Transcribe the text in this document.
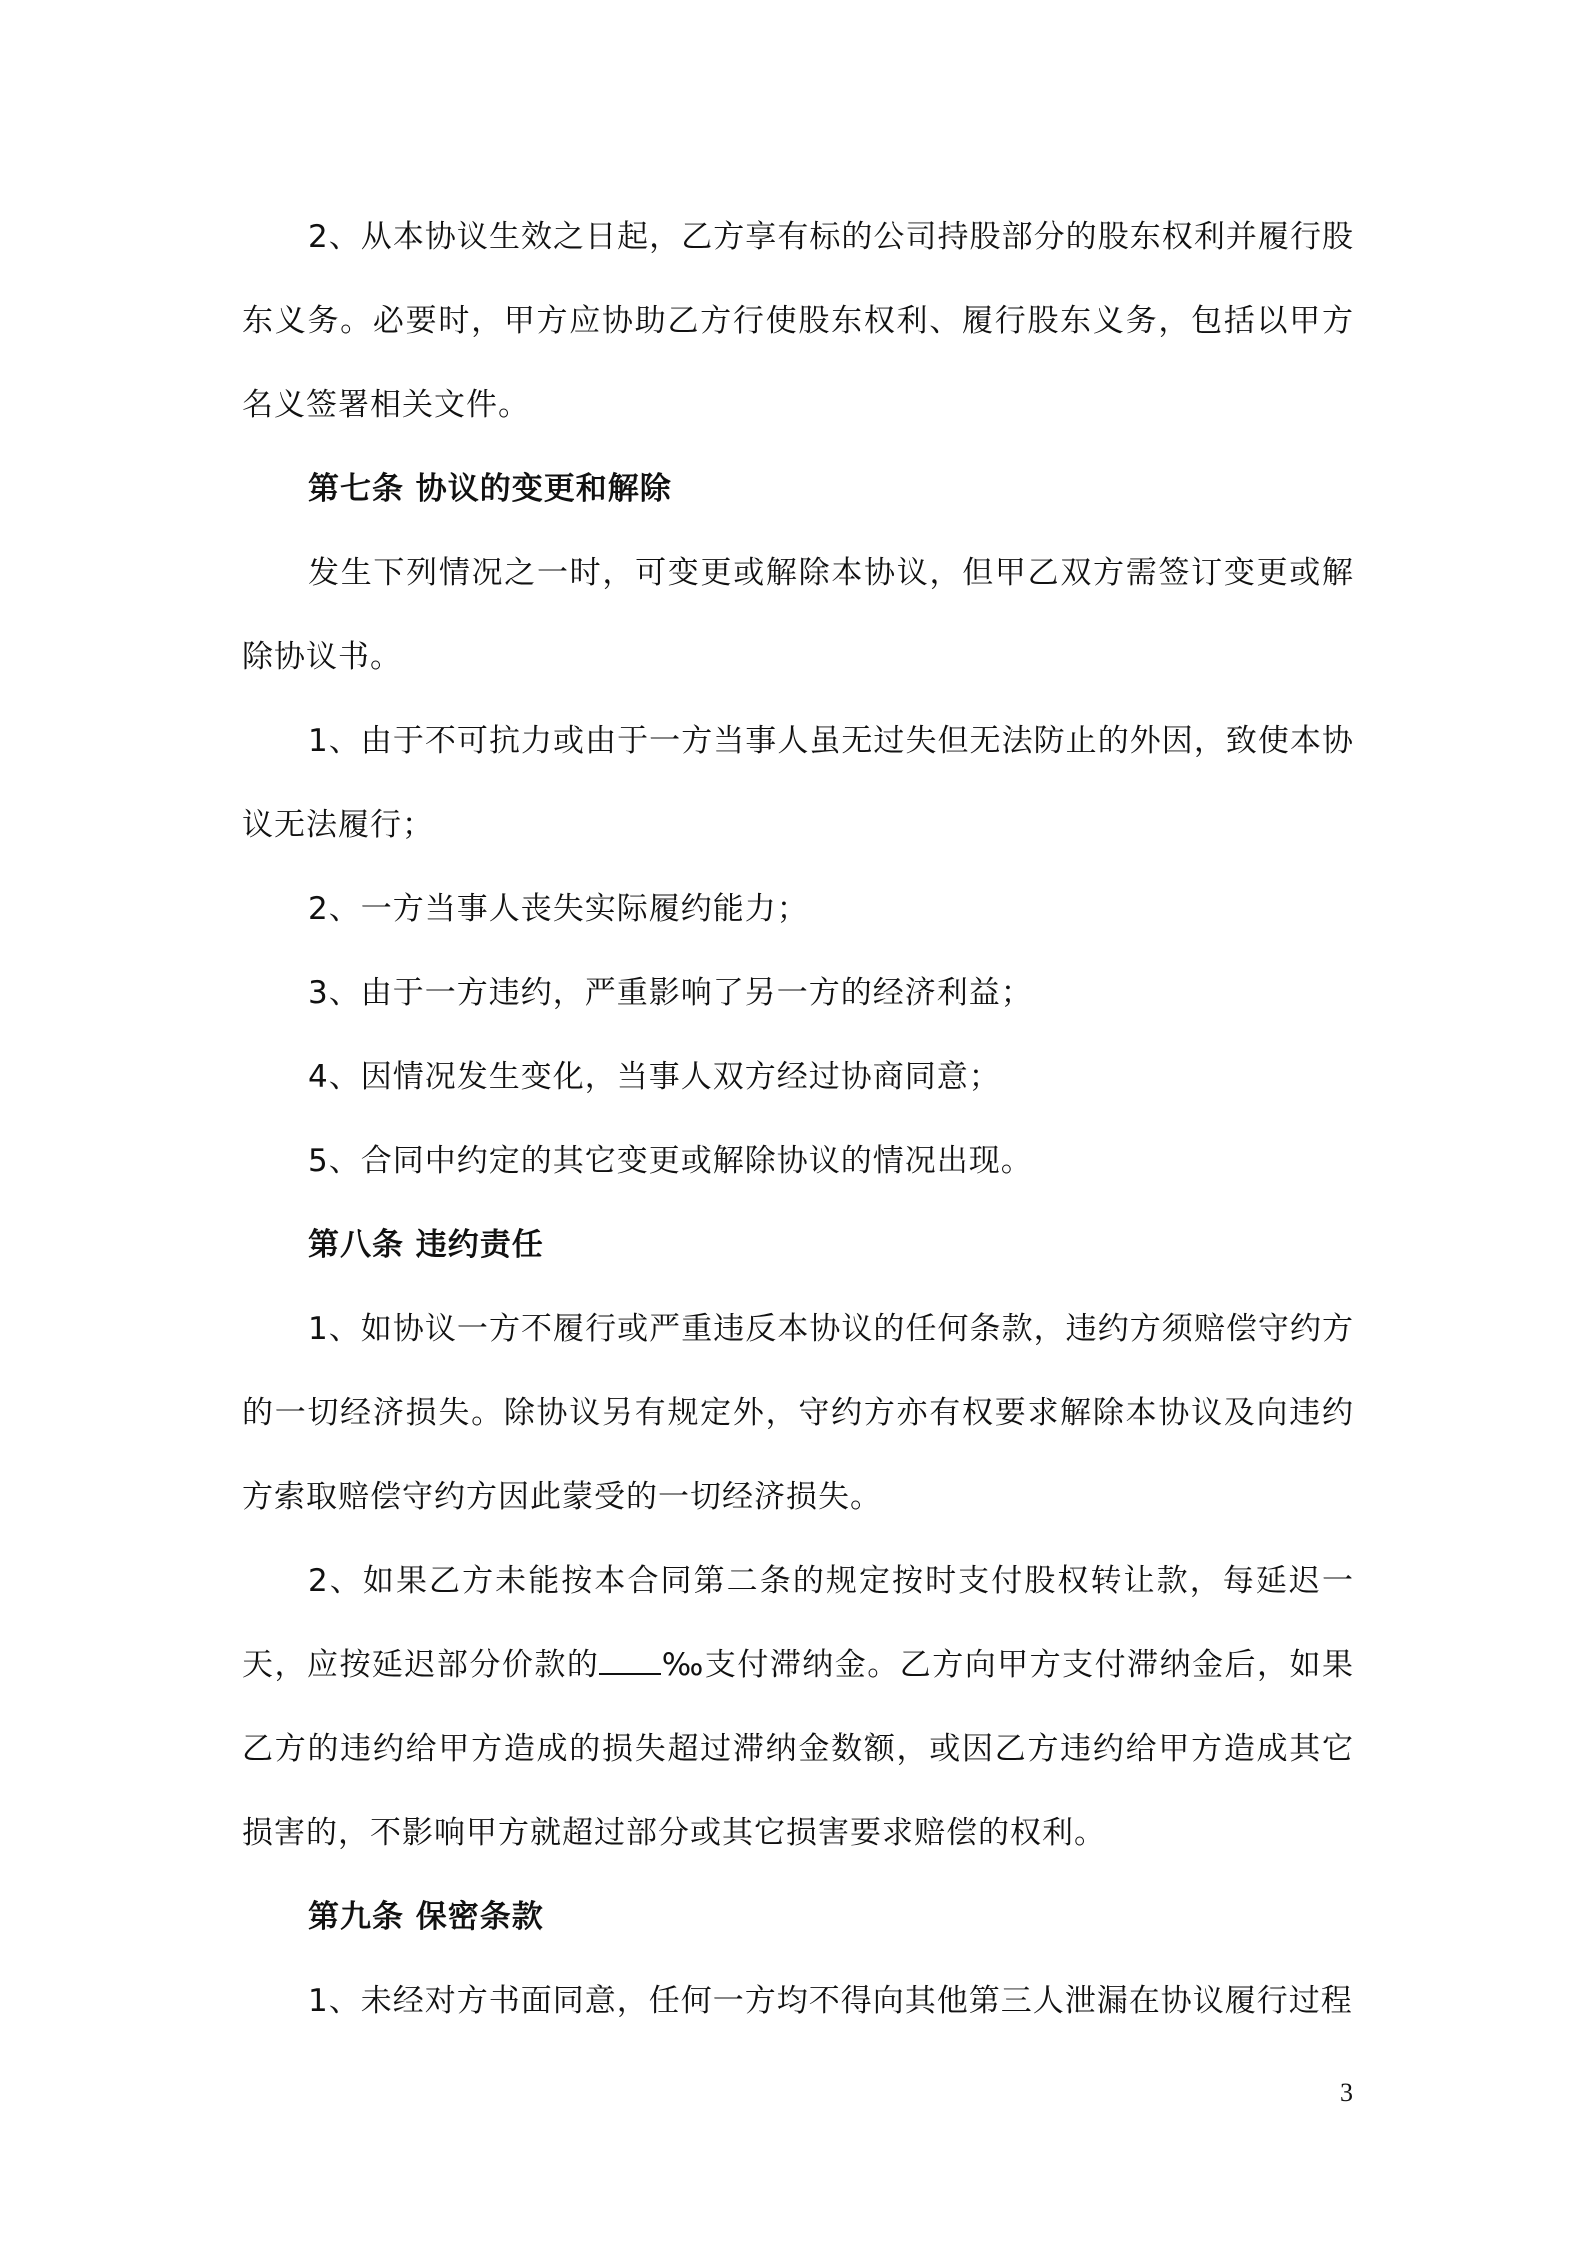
2、从本协议生效之日起，乙方享有标的公司持股部分的股东权利并履行股东义务。必要时，甲方应协助乙方行使股东权利、履行股东义务，包括以甲方名义签署相关文件。

第七条 协议的变更和解除

发生下列情况之一时，可变更或解除本协议，但甲乙双方需签订变更或解除协议书。

1、由于不可抗力或由于一方当事人虽无过失但无法防止的外因，致使本协议无法履行；

2、一方当事人丧失实际履约能力；

3、由于一方违约，严重影响了另一方的经济利益；

4、因情况发生变化，当事人双方经过协商同意；

5、合同中约定的其它变更或解除协议的情况出现。

第八条 违约责任

1、如协议一方不履行或严重违反本协议的任何条款，违约方须赔偿守约方的一切经济损失。除协议另有规定外，守约方亦有权要求解除本协议及向违约方索取赔偿守约方因此蒙受的一切经济损失。

2、如果乙方未能按本合同第二条的规定按时支付股权转让款，每延迟一天，应按延迟部分价款的 ‰支付滞纳金。乙方向甲方支付滞纳金后，如果乙方的违约给甲方造成的损失超过滞纳金数额，或因乙方违约给甲方造成其它损害的，不影响甲方就超过部分或其它损害要求赔偿的权利。

第九条 保密条款

1、未经对方书面同意，任何一方均不得向其他第三人泄漏在协议履行过程

3
